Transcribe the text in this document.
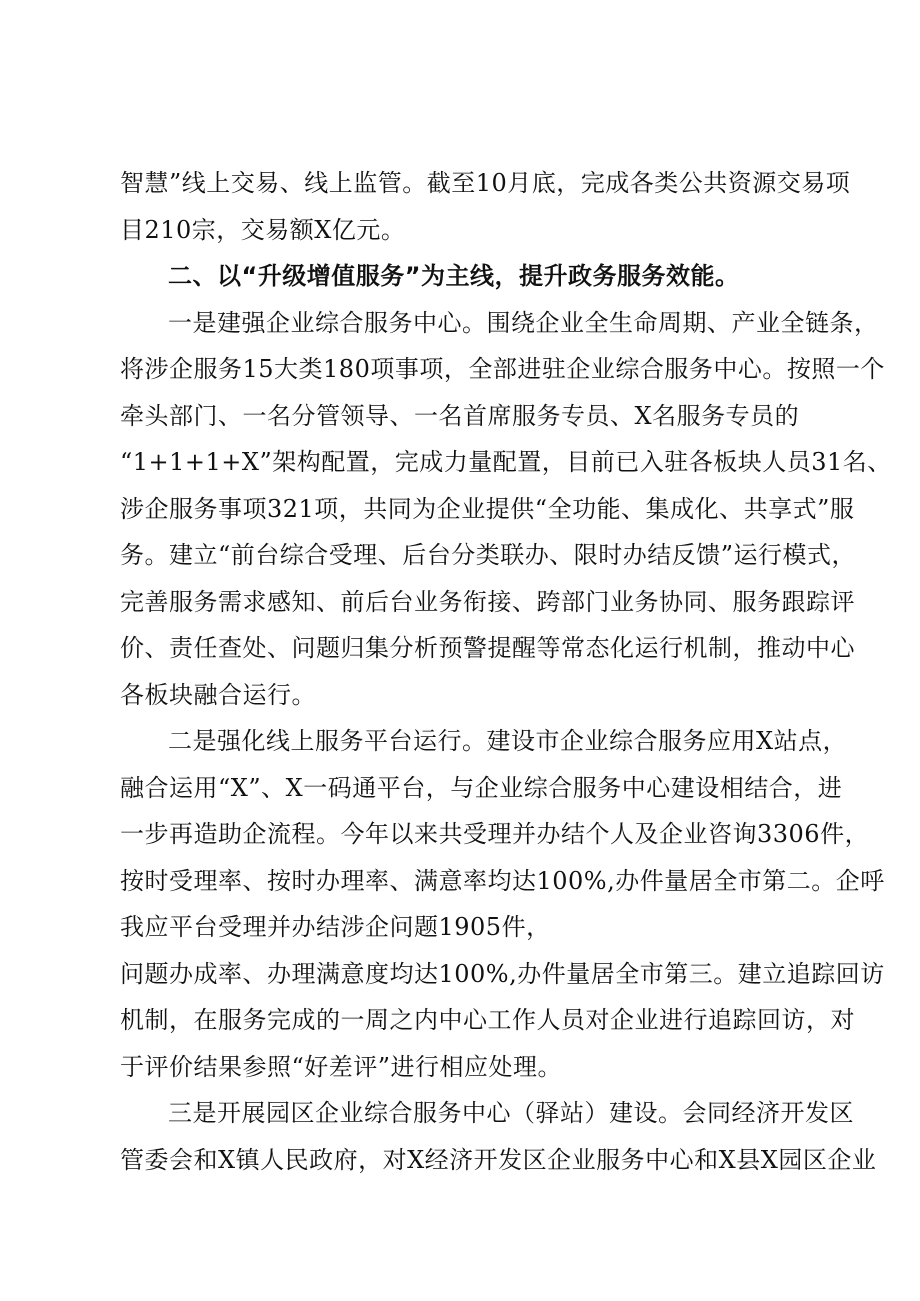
智慧”线上交易、线上监管。截至10月底，完成各类公共资源交易项
目210宗，交易额X亿元。
二、以“升级增值服务”为主线，提升政务服务效能。
一是建强企业综合服务中心。围绕企业全生命周期、产业全链条，
将涉企服务15大类180项事项，全部进驻企业综合服务中心。按照一个
牵头部门、一名分管领导、一名首席服务专员、X名服务专员的
“1+1+1+X”架构配置，完成力量配置，目前已入驻各板块人员31名、
涉企服务事项321项，共同为企业提供“全功能、集成化、共享式”服
务。建立“前台综合受理、后台分类联办、限时办结反馈”运行模式，
完善服务需求感知、前后台业务衔接、跨部门业务协同、服务跟踪评
价、责任查处、问题归集分析预警提醒等常态化运行机制，推动中心
各板块融合运行。
二是强化线上服务平台运行。建设市企业综合服务应用X站点，
融合运用“X”、X一码通平台，与企业综合服务中心建设相结合，进
一步再造助企流程。今年以来共受理并办结个人及企业咨询3306件，
按时受理率、按时办理率、满意率均达100%,办件量居全市第二。企呼
我应平台受理并办结涉企问题1905件，
问题办成率、办理满意度均达100%,办件量居全市第三。建立追踪回访
机制，在服务完成的一周之内中心工作人员对企业进行追踪回访，对
于评价结果参照“好差评”进行相应处理。
三是开展园区企业综合服务中心（驿站）建设。会同经济开发区
管委会和X镇人民政府，对X经济开发区企业服务中心和X县X园区企业
